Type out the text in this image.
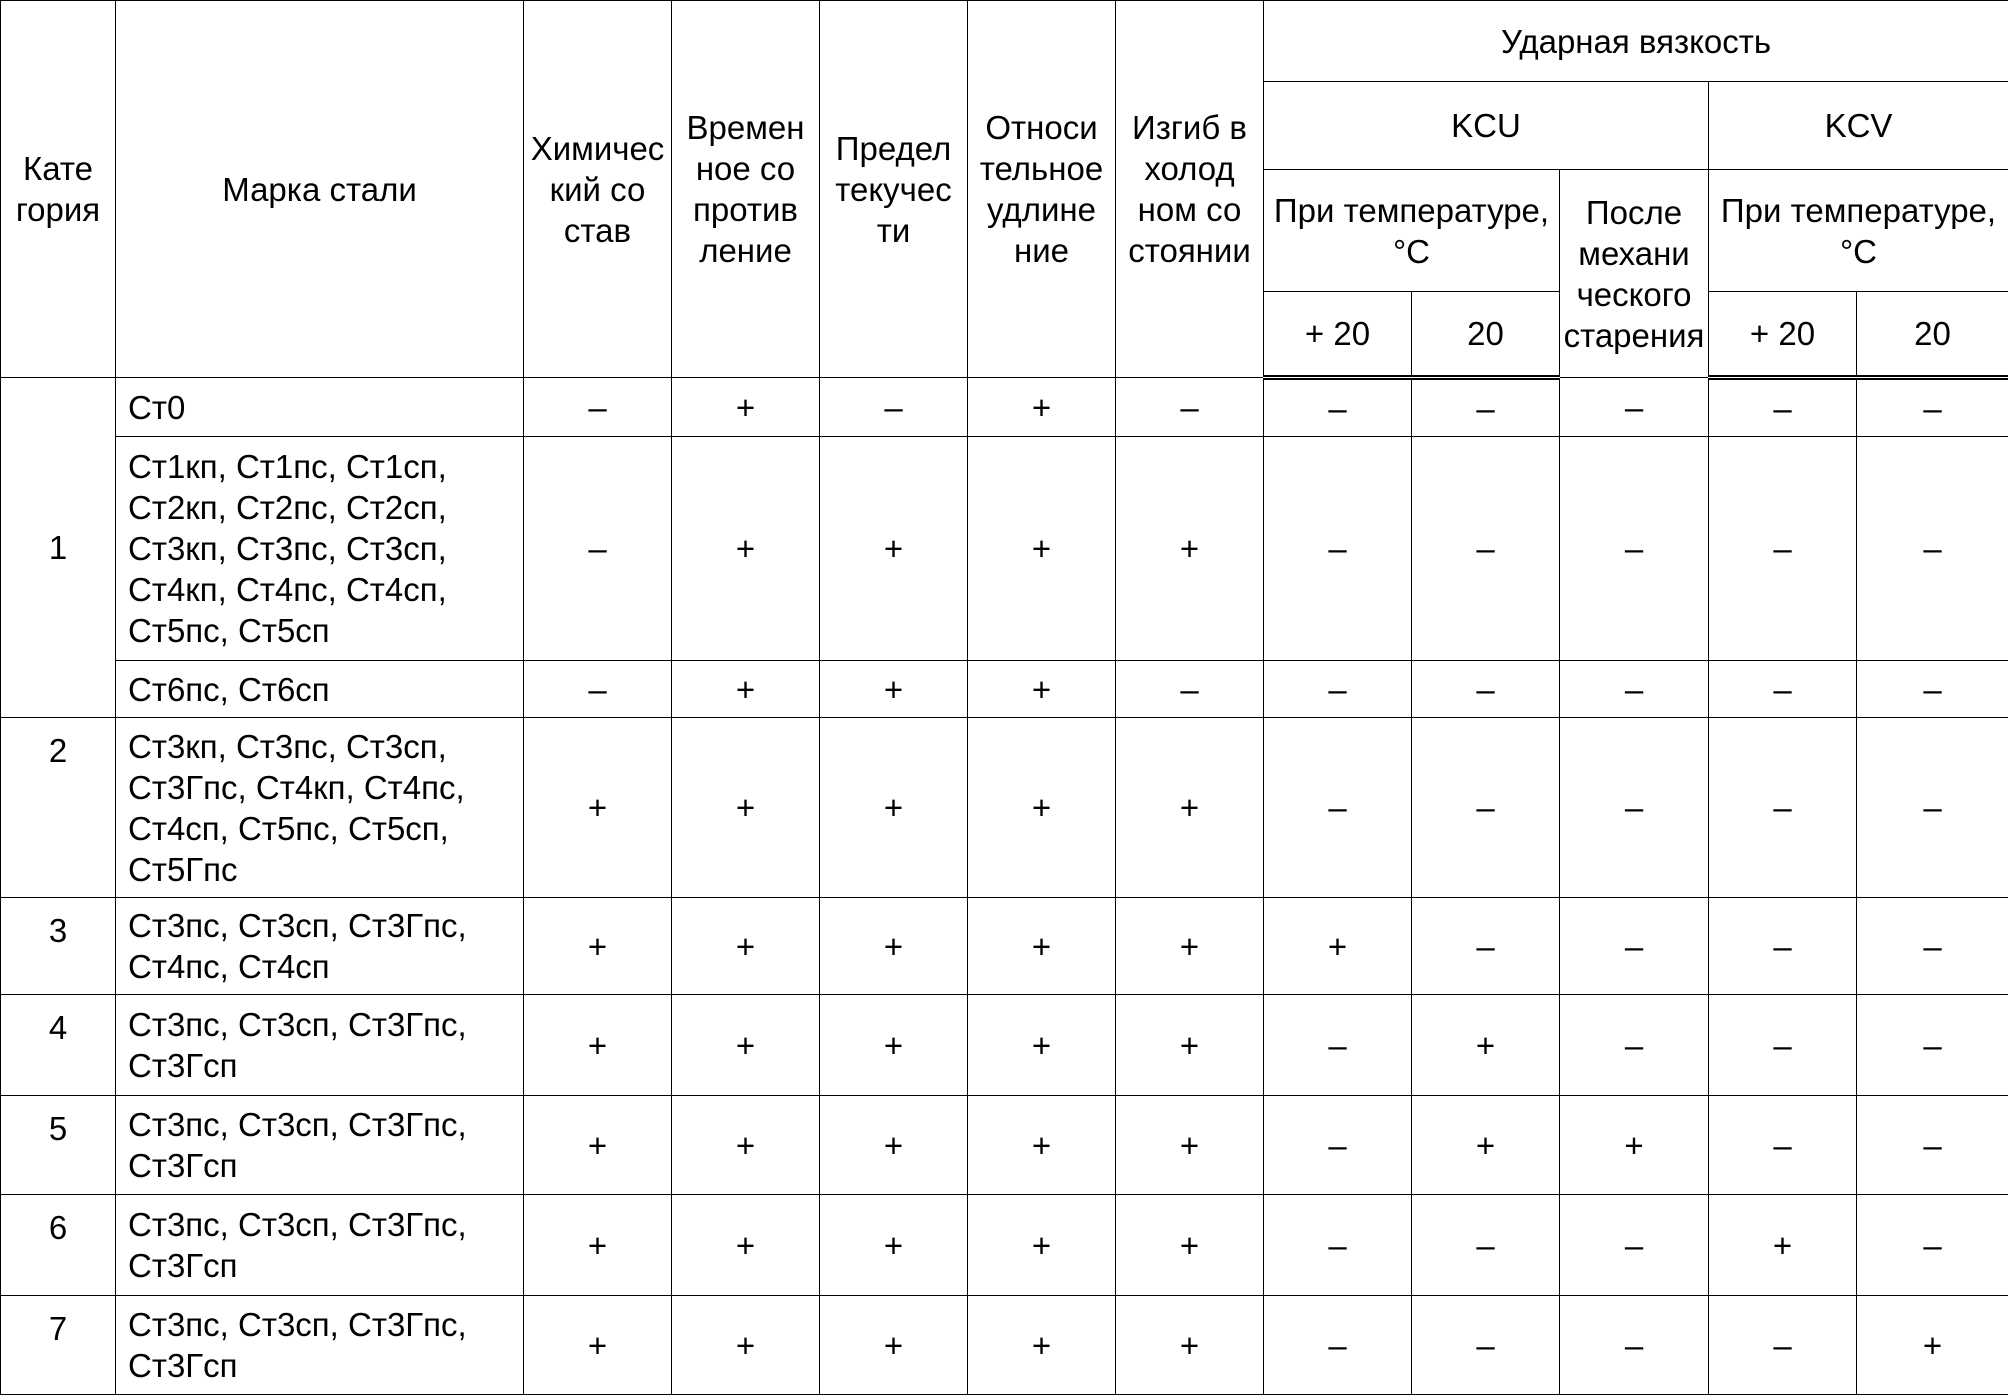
Кате гория	Марка стали	Химичес кий со став	Времен ное со против ление	Предел текучес ти	Относи тельное удлине ние	Изгиб в холод ном со стоянии	Ударная вязкость				
							KCU			KCV	
							При температуре, °C		После механи ческого старения	При температуре, °C	
							+ 20	20		+ 20	20
1	Ст0	–	+	–	+	–	–	–	–	–	–
	Ст1кп, Ст1пс, Ст1сп, Ст2кп, Ст2пс, Ст2сп, Ст3кп, Ст3пс, Ст3сп, Ст4кп, Ст4пс, Ст4сп, Ст5пс, Ст5сп	–	+	+	+	+	–	–	–	–	–
	Ст6пс, Ст6сп	–	+	+	+	–	–	–	–	–	–
2	Ст3кп, Ст3пс, Ст3сп, Ст3Гпс, Ст4кп, Ст4пс, Ст4сп, Ст5пс, Ст5сп, Ст5Гпс	+	+	+	+	+	–	–	–	–	–
3	Ст3пс, Ст3сп, Ст3Гпс, Ст4пс, Ст4сп	+	+	+	+	+	+	–	–	–	–
4	Ст3пс, Ст3сп, Ст3Гпс, Ст3Гсп	+	+	+	+	+	–	+	–	–	–
5	Ст3пс, Ст3сп, Ст3Гпс, Ст3Гсп	+	+	+	+	+	–	+	+	–	–
6	Ст3пс, Ст3сп, Ст3Гпс, Ст3Гсп	+	+	+	+	+	–	–	–	+	–
7	Ст3пс, Ст3сп, Ст3Гпс, Ст3Гсп	+	+	+	+	+	–	–	–	–	+
